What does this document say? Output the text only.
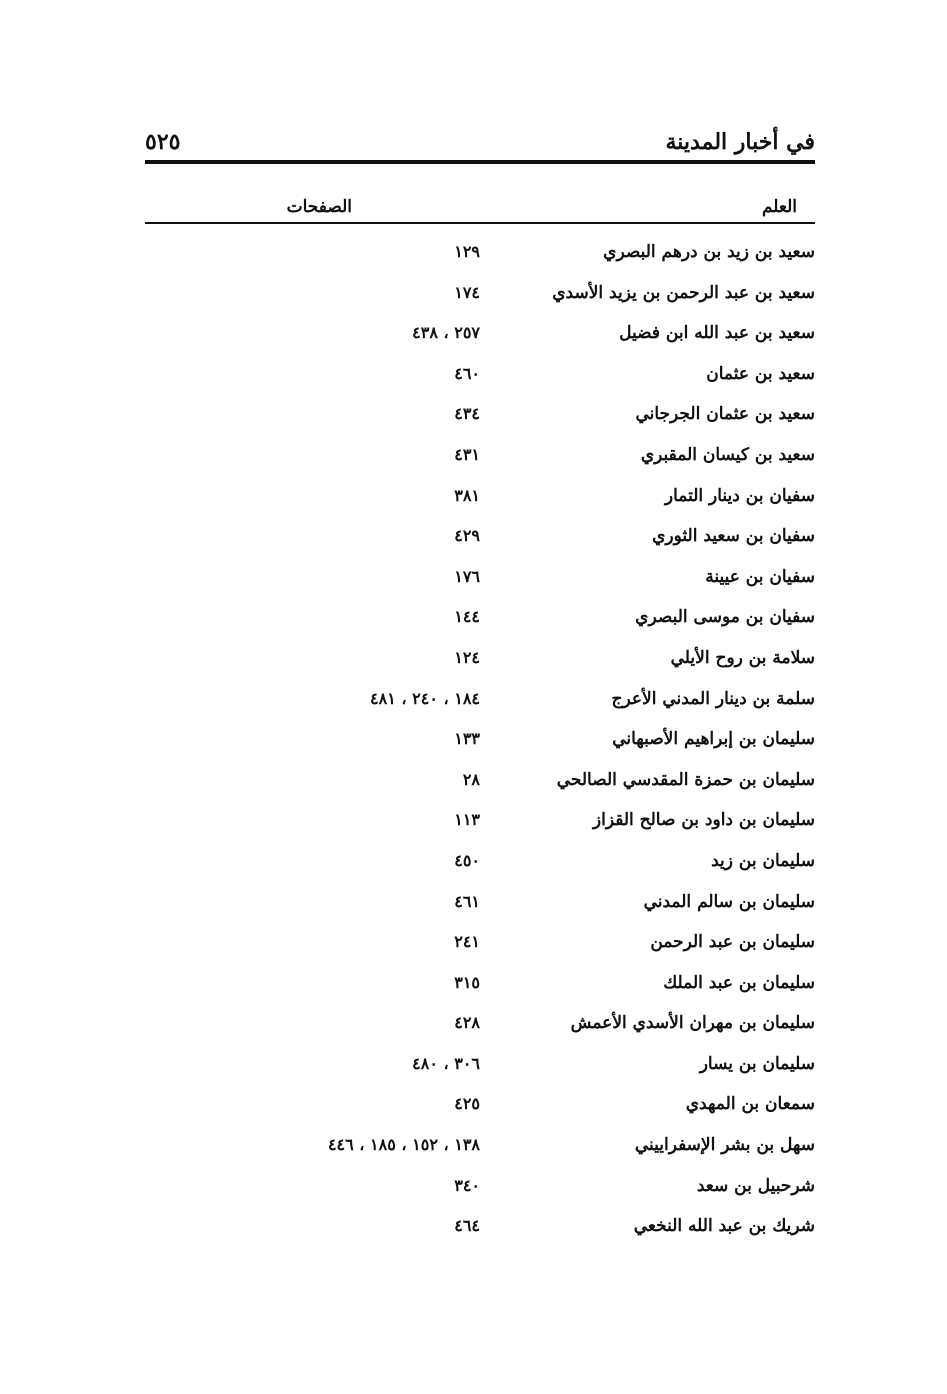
في أخبار المدينة
٥٢٥
العلم
الصفحات
سعيد بن زيد بن درهم البصري
١٢٩
سعيد بن عبد الرحمن بن يزيد الأسدي
١٧٤
سعيد بن عبد الله ابن فضيل
٢٥٧ ، ٤٣٨
سعيد بن عثمان
٤٦٠
سعيد بن عثمان الجرجاني
٤٣٤
سعيد بن كيسان المقبري
٤٣١
سفيان بن دينار التمار
٣٨١
سفيان بن سعيد الثوري
٤٢٩
سفيان بن عيينة
١٧٦
سفيان بن موسى البصري
١٤٤
سلامة بن روح الأيلي
١٢٤
سلمة بن دينار المدني الأعرج
١٨٤ ، ٢٤٠ ، ٤٨١
سليمان بن إبراهيم الأصبهاني
١٣٣
سليمان بن حمزة المقدسي الصالحي
٢٨
سليمان بن داود بن صالح القزاز
١١٣
سليمان بن زيد
٤٥٠
سليمان بن سالم المدني
٤٦١
سليمان بن عبد الرحمن
٢٤١
سليمان بن عبد الملك
٣١٥
سليمان بن مهران الأسدي الأعمش
٤٢٨
سليمان بن يسار
٣٠٦ ، ٤٨٠
سمعان بن المهدي
٤٢٥
سهل بن بشر الإسفراييني
١٣٨ ، ١٥٢ ، ١٨٥ ، ٤٤٦
شرحبيل بن سعد
٣٤٠
شريك بن عبد الله النخعي
٤٦٤
